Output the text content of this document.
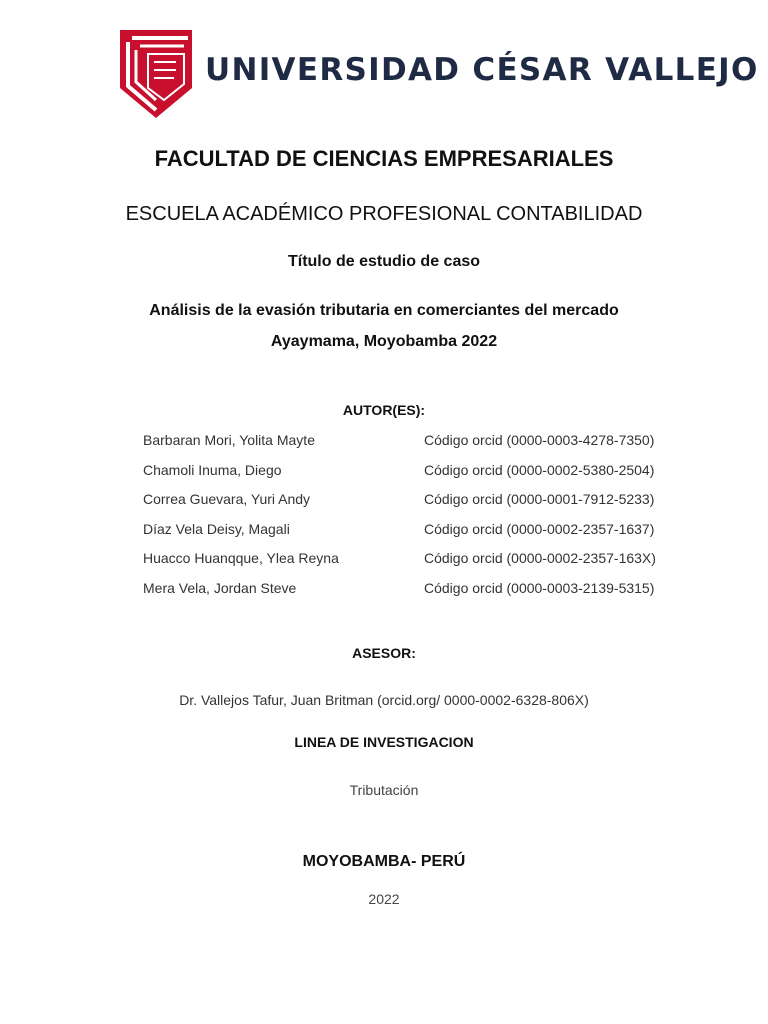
UNIVERSIDAD CÉSAR VALLEJO
FACULTAD DE CIENCIAS EMPRESARIALES
ESCUELA ACADÉMICO PROFESIONAL CONTABILIDAD
Título de estudio de caso
Análisis de la evasión tributaria en comerciantes del mercado
Ayaymama, Moyobamba 2022
AUTOR(ES):
Barbaran Mori, Yolita Mayte	Código orcid (0000-0003-4278-7350)
Chamoli Inuma, Diego	Código orcid (0000-0002-5380-2504)
Correa Guevara, Yuri Andy	Código orcid (0000-0001-7912-5233)
Díaz Vela Deisy, Magali	Código orcid (0000-0002-2357-1637)
Huacco Huanqque, Ylea Reyna	Código orcid (0000-0002-2357-163X)
Mera Vela, Jordan Steve	Código orcid (0000-0003-2139-5315)
ASESOR:
Dr. Vallejos Tafur, Juan Britman (orcid.org/ 0000-0002-6328-806X)
LINEA DE INVESTIGACION
Tributación
MOYOBAMBA- PERÚ
2022
